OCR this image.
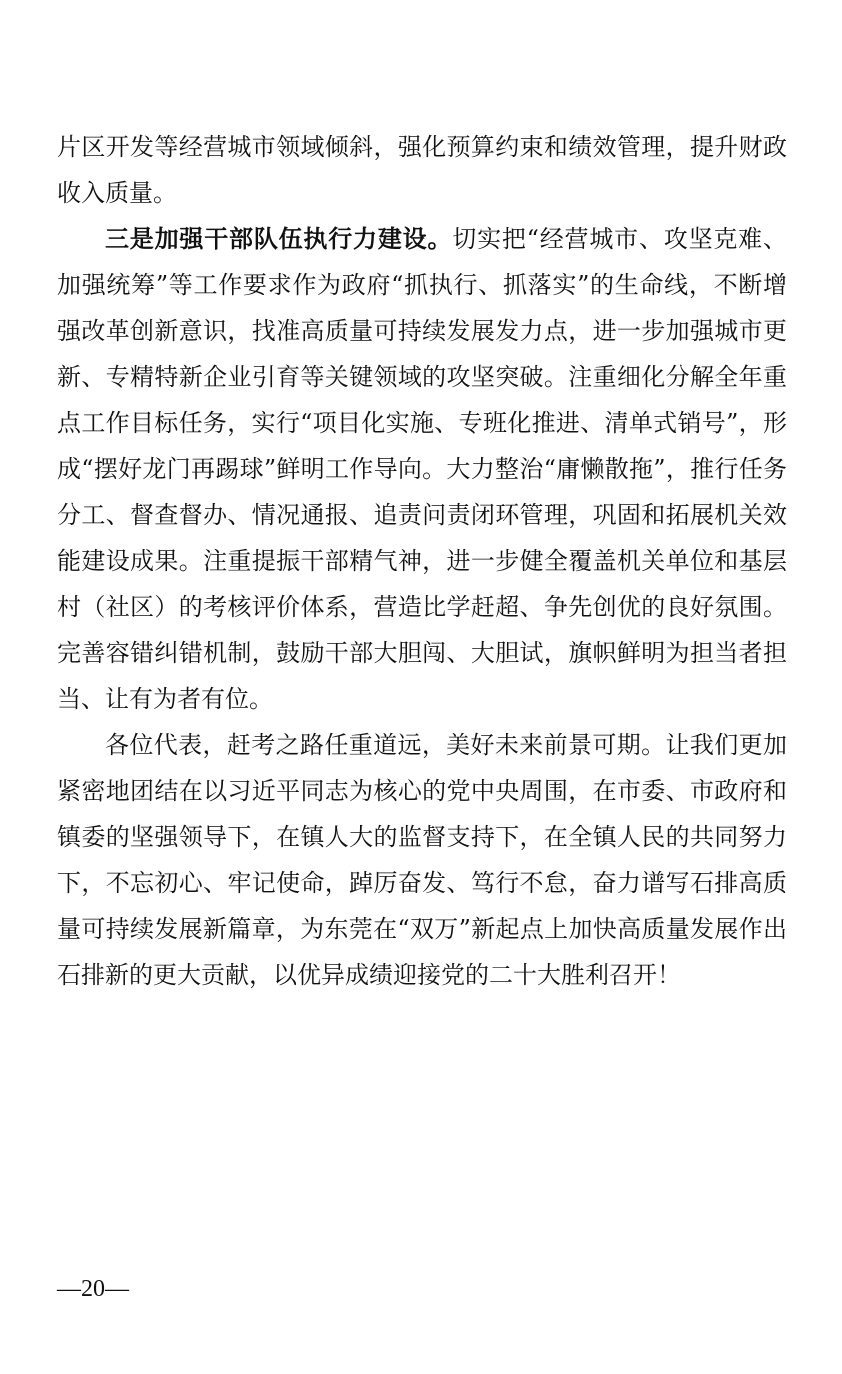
片区开发等经营城市领域倾斜，强化预算约束和绩效管理，提升财政收入质量。

三是加强干部队伍执行力建设。切实把“经营城市、攻坚克难、加强统筹”等工作要求作为政府“抓执行、抓落实”的生命线，不断增强改革创新意识，找准高质量可持续发展发力点，进一步加强城市更新、专精特新企业引育等关键领域的攻坚突破。注重细化分解全年重点工作目标任务，实行“项目化实施、专班化推进、清单式销号”，形成“摆好龙门再踢球”鲜明工作导向。大力整治“庸懒散拖”，推行任务分工、督查督办、情况通报、追责问责闭环管理，巩固和拓展机关效能建设成果。注重提振干部精气神，进一步健全覆盖机关单位和基层村（社区）的考核评价体系，营造比学赶超、争先创优的良好氛围。完善容错纠错机制，鼓励干部大胆闯、大胆试，旗帜鲜明为担当者担当、让有为者有位。

各位代表，赶考之路任重道远，美好未来前景可期。让我们更加紧密地团结在以习近平同志为核心的党中央周围，在市委、市政府和镇委的坚强领导下，在镇人大的监督支持下，在全镇人民的共同努力下，不忘初心、牢记使命，踔厉奋发、笃行不怠，奋力谱写石排高质量可持续发展新篇章，为东莞在“双万”新起点上加快高质量发展作出石排新的更大贡献，以优异成绩迎接党的二十大胜利召开！

—20—
